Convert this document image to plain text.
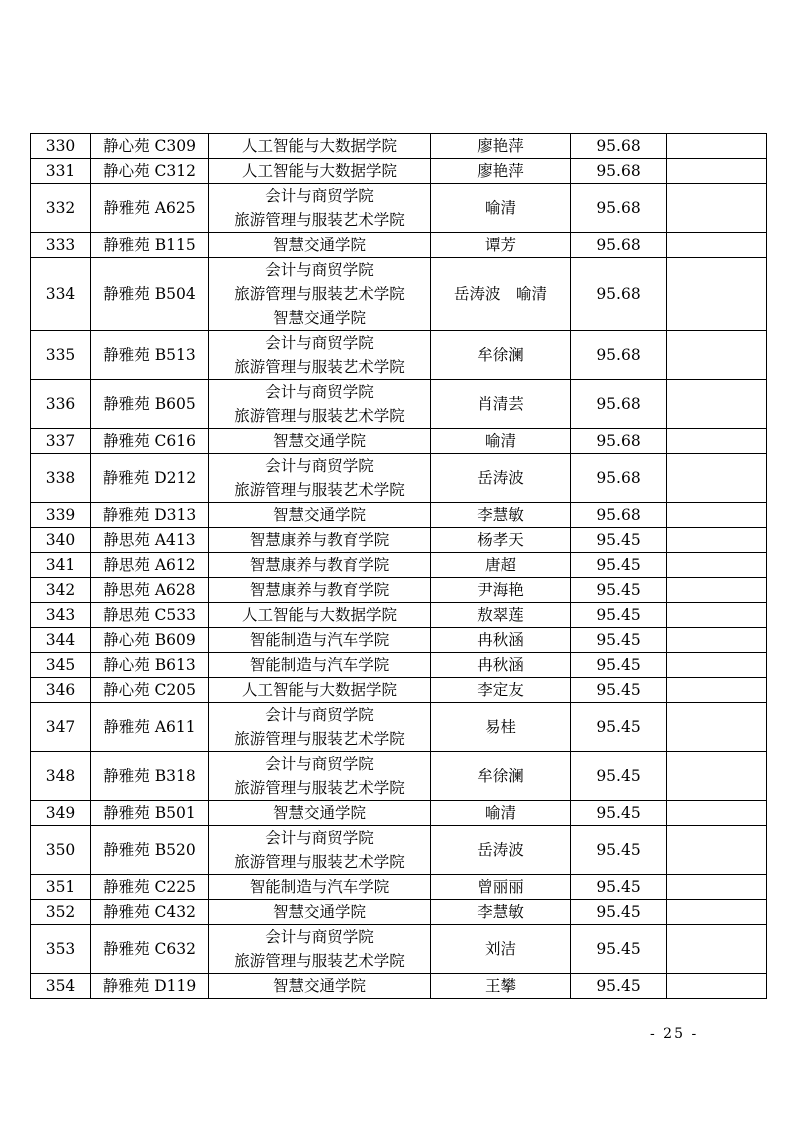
330	静心苑 C309	人工智能与大数据学院	廖艳萍	95.68	
331	静心苑 C312	人工智能与大数据学院	廖艳萍	95.68	
332	静雅苑 A625	会计与商贸学院
旅游管理与服装艺术学院	喻清	95.68	
333	静雅苑 B115	智慧交通学院	谭芳	95.68	
334	静雅苑 B504	会计与商贸学院
旅游管理与服装艺术学院
智慧交通学院	岳涛波　喻清	95.68	
335	静雅苑 B513	会计与商贸学院
旅游管理与服装艺术学院	牟徐澜	95.68	
336	静雅苑 B605	会计与商贸学院
旅游管理与服装艺术学院	肖清芸	95.68	
337	静雅苑 C616	智慧交通学院	喻清	95.68	
338	静雅苑 D212	会计与商贸学院
旅游管理与服装艺术学院	岳涛波	95.68	
339	静雅苑 D313	智慧交通学院	李慧敏	95.68	
340	静思苑 A413	智慧康养与教育学院	杨孝天	95.45	
341	静思苑 A612	智慧康养与教育学院	唐超	95.45	
342	静思苑 A628	智慧康养与教育学院	尹海艳	95.45	
343	静思苑 C533	人工智能与大数据学院	敖翠莲	95.45	
344	静心苑 B609	智能制造与汽车学院	冉秋涵	95.45	
345	静心苑 B613	智能制造与汽车学院	冉秋涵	95.45	
346	静心苑 C205	人工智能与大数据学院	李定友	95.45	
347	静雅苑 A611	会计与商贸学院
旅游管理与服装艺术学院	易桂	95.45	
348	静雅苑 B318	会计与商贸学院
旅游管理与服装艺术学院	牟徐澜	95.45	
349	静雅苑 B501	智慧交通学院	喻清	95.45	
350	静雅苑 B520	会计与商贸学院
旅游管理与服装艺术学院	岳涛波	95.45	
351	静雅苑 C225	智能制造与汽车学院	曾丽丽	95.45	
352	静雅苑 C432	智慧交通学院	李慧敏	95.45	
353	静雅苑 C632	会计与商贸学院
旅游管理与服装艺术学院	刘洁	95.45	
354	静雅苑 D119	智慧交通学院	王攀	95.45	
- 25 -
